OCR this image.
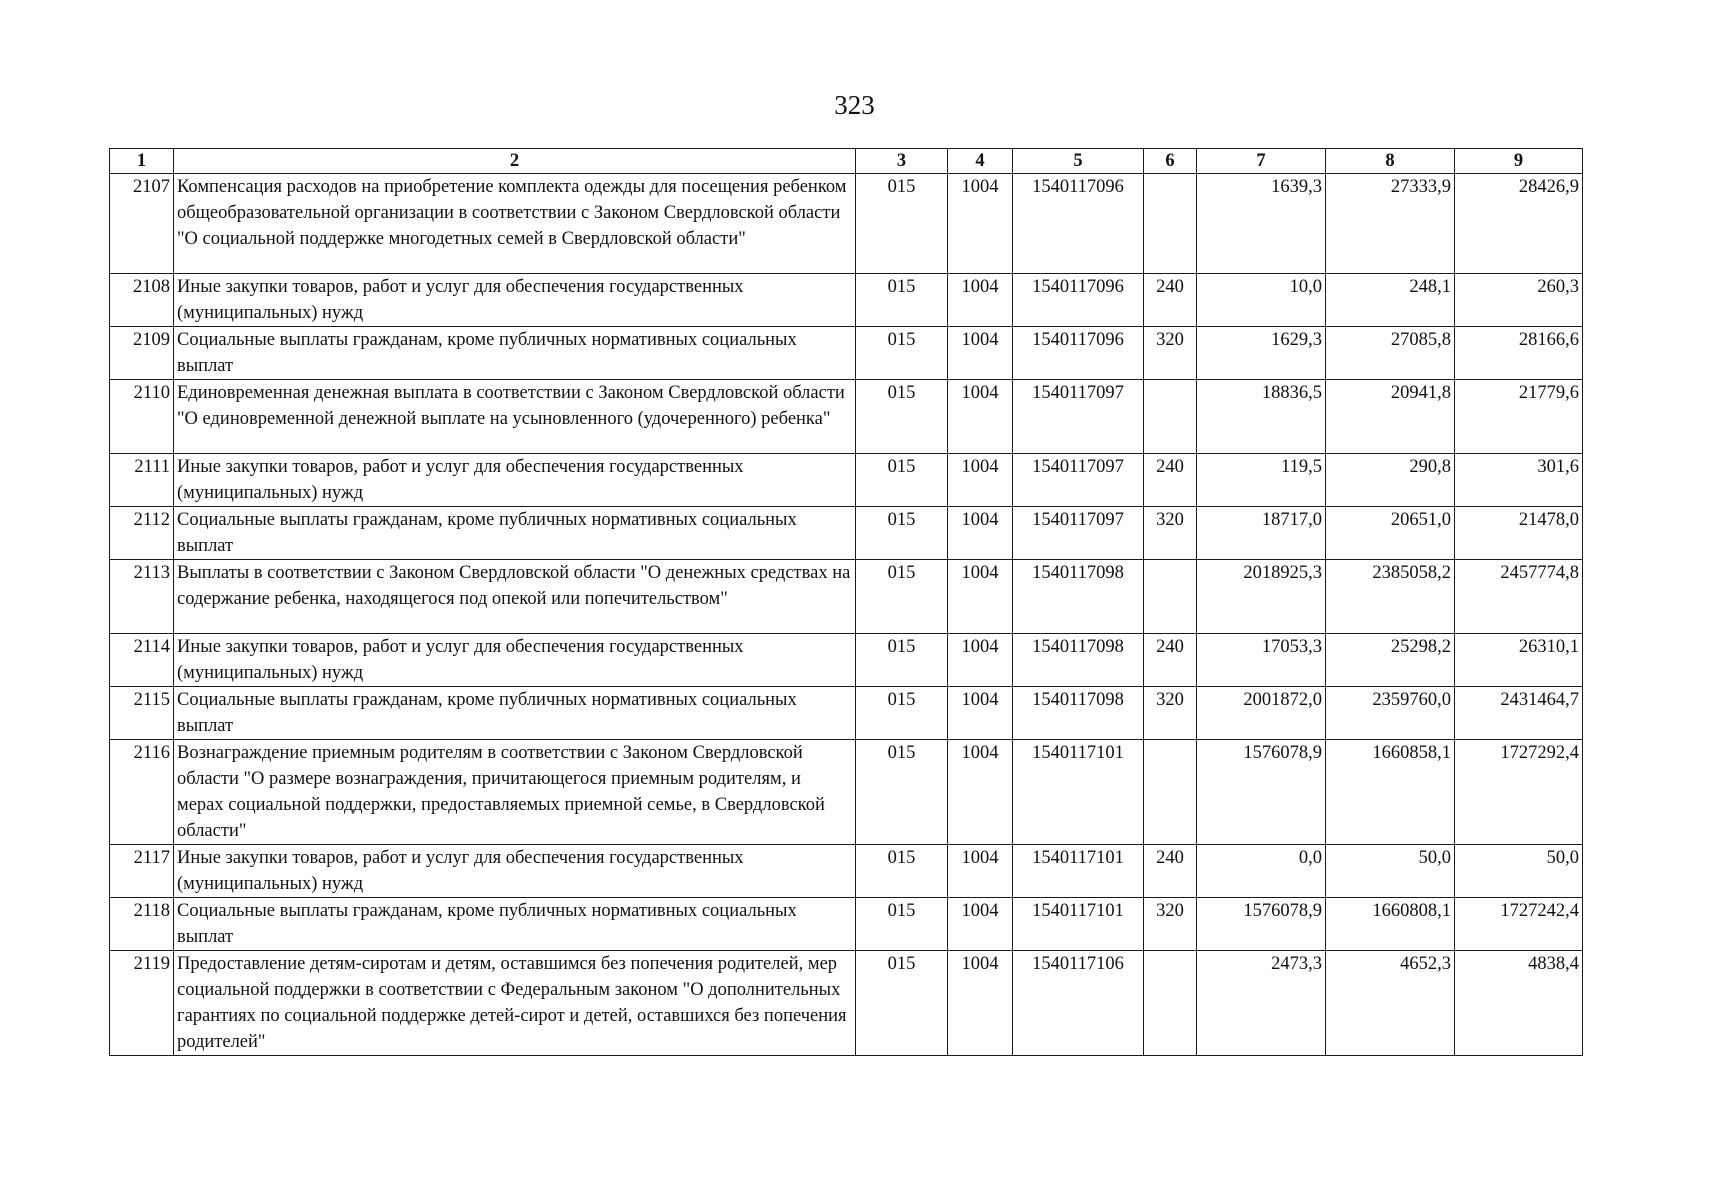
323
1	2	3	4	5	6	7	8	9
2107	Компенсация расходов на приобретение комплекта одежды для посещения ребенком общеобразовательной организации в соответствии с Законом Свердловской области "О социальной поддержке многодетных семей в Свердловской области"	015	1004	1540117096		1639,3	27333,9	28426,9
2108	Иные закупки товаров, работ и услуг для обеспечения государственных (муниципальных) нужд	015	1004	1540117096	240	10,0	248,1	260,3
2109	Социальные выплаты гражданам, кроме публичных нормативных социальных выплат	015	1004	1540117096	320	1629,3	27085,8	28166,6
2110	Единовременная денежная выплата в соответствии с Законом Свердловской области "О единовременной денежной выплате на усыновленного (удочеренного) ребенка"	015	1004	1540117097		18836,5	20941,8	21779,6
2111	Иные закупки товаров, работ и услуг для обеспечения государственных (муниципальных) нужд	015	1004	1540117097	240	119,5	290,8	301,6
2112	Социальные выплаты гражданам, кроме публичных нормативных социальных выплат	015	1004	1540117097	320	18717,0	20651,0	21478,0
2113	Выплаты в соответствии с Законом Свердловской области "О денежных средствах на содержание ребенка, находящегося под опекой или попечительством"	015	1004	1540117098		2018925,3	2385058,2	2457774,8
2114	Иные закупки товаров, работ и услуг для обеспечения государственных (муниципальных) нужд	015	1004	1540117098	240	17053,3	25298,2	26310,1
2115	Социальные выплаты гражданам, кроме публичных нормативных социальных выплат	015	1004	1540117098	320	2001872,0	2359760,0	2431464,7
2116	Вознаграждение приемным родителям в соответствии с Законом Свердловской области "О размере вознаграждения, причитающегося приемным родителям, и мерах социальной поддержки, предоставляемых приемной семье, в Свердловской области"	015	1004	1540117101		1576078,9	1660858,1	1727292,4
2117	Иные закупки товаров, работ и услуг для обеспечения государственных (муниципальных) нужд	015	1004	1540117101	240	0,0	50,0	50,0
2118	Социальные выплаты гражданам, кроме публичных нормативных социальных выплат	015	1004	1540117101	320	1576078,9	1660808,1	1727242,4
2119	Предоставление детям-сиротам и детям, оставшимся без попечения родителей, мер социальной поддержки в соответствии с Федеральным законом "О дополнительных гарантиях по социальной поддержке детей-сирот и детей, оставшихся без попечения родителей"	015	1004	1540117106		2473,3	4652,3	4838,4
